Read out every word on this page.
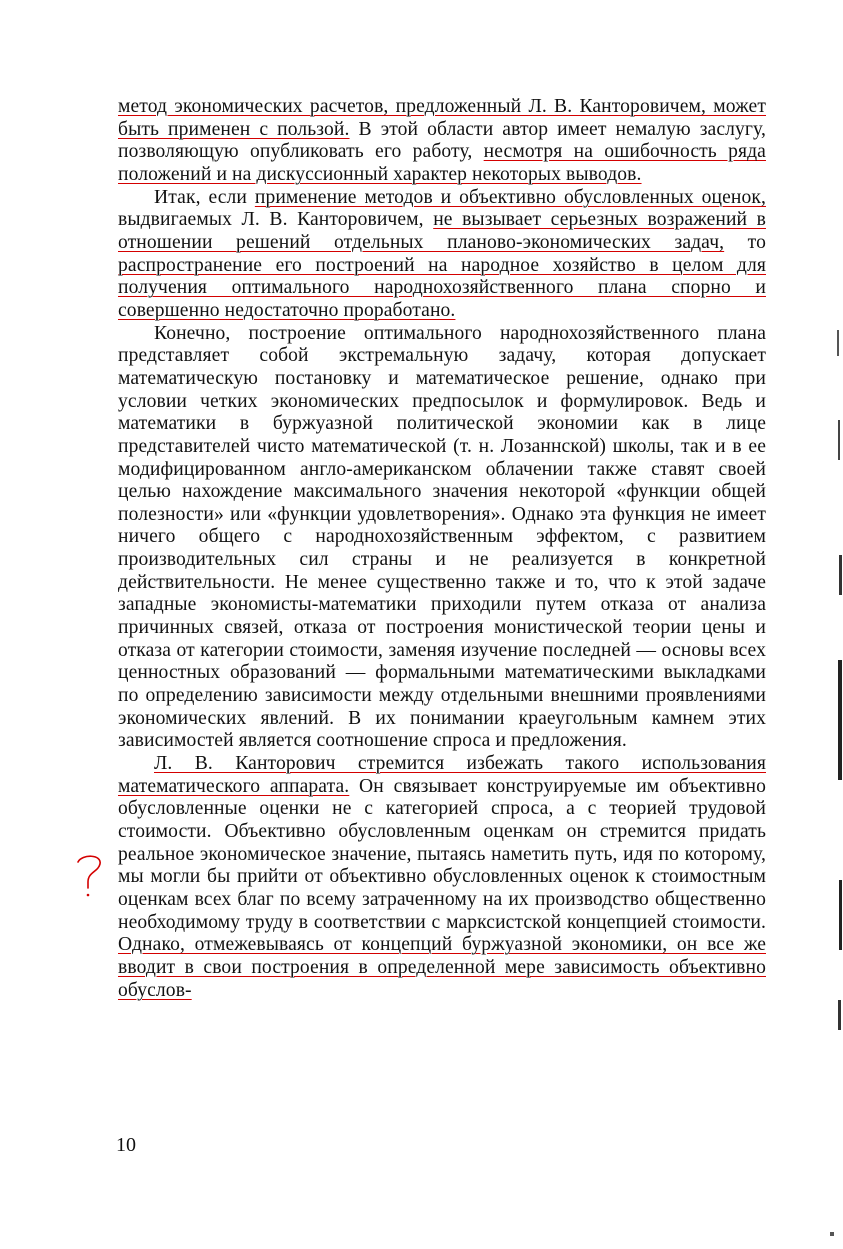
метод экономических расчетов, предложенный Л. В. Канторовичем, может быть применен с пользой. В этой области автор имеет немалую заслугу, позволяющую опубликовать его работу, несмотря на ошибочность ряда положений и на дискуссионный характер некоторых выводов.

Итак, если применение методов и объективно обусловленных оценок, выдвигаемых Л. В. Канторовичем, не вызывает серьезных возражений в отношении решений отдельных планово-экономических задач, то распространение его построений на народное хозяйство в целом для получения оптимального народнохозяйственного плана спорно и совершенно недостаточно проработано.

Конечно, построение оптимального народнохозяйственного плана представляет собой экстремальную задачу, которая допускает математическую постановку и математическое решение, однако при условии четких экономических предпосылок и формулировок. Ведь и математики в буржуазной политической экономии как в лице представителей чисто математической (т. н. Лозаннской) школы, так и в ее модифицированном англо-американском облачении также ставят своей целью нахождение максимального значения некоторой «функции общей полезности» или «функции удовлетворения». Однако эта функция не имеет ничего общего с народнохозяйственным эффектом, с развитием производительных сил страны и не реализуется в конкретной действительности. Не менее существенно также и то, что к этой задаче западные экономисты-математики приходили путем отказа от анализа причинных связей, отказа от построения монистической теории цены и отказа от категории стоимости, заменяя изучение последней — основы всех ценностных образований — формальными математическими выкладками по определению зависимости между отдельными внешними проявлениями экономических явлений. В их понимании краеугольным камнем этих зависимостей является соотношение спроса и предложения.

Л. В. Канторович стремится избежать такого использования математического аппарата. Он связывает конструируемые им объективно обусловленные оценки не с категорией спроса, а с теорией трудовой стоимости. Объективно обусловленным оценкам он стремится придать реальное экономическое значение, пытаясь наметить путь, идя по которому, мы могли бы прийти от объективно обусловленных оценок к стоимостным оценкам всех благ по всему затраченному на их производство общественно необходимому труду в соответствии с марксистской концепцией стоимости. Однако, отмежевываясь от концепций буржуазной экономики, он все же вводит в свои построения в определенной мере зависимость объективно обуслов-

10
